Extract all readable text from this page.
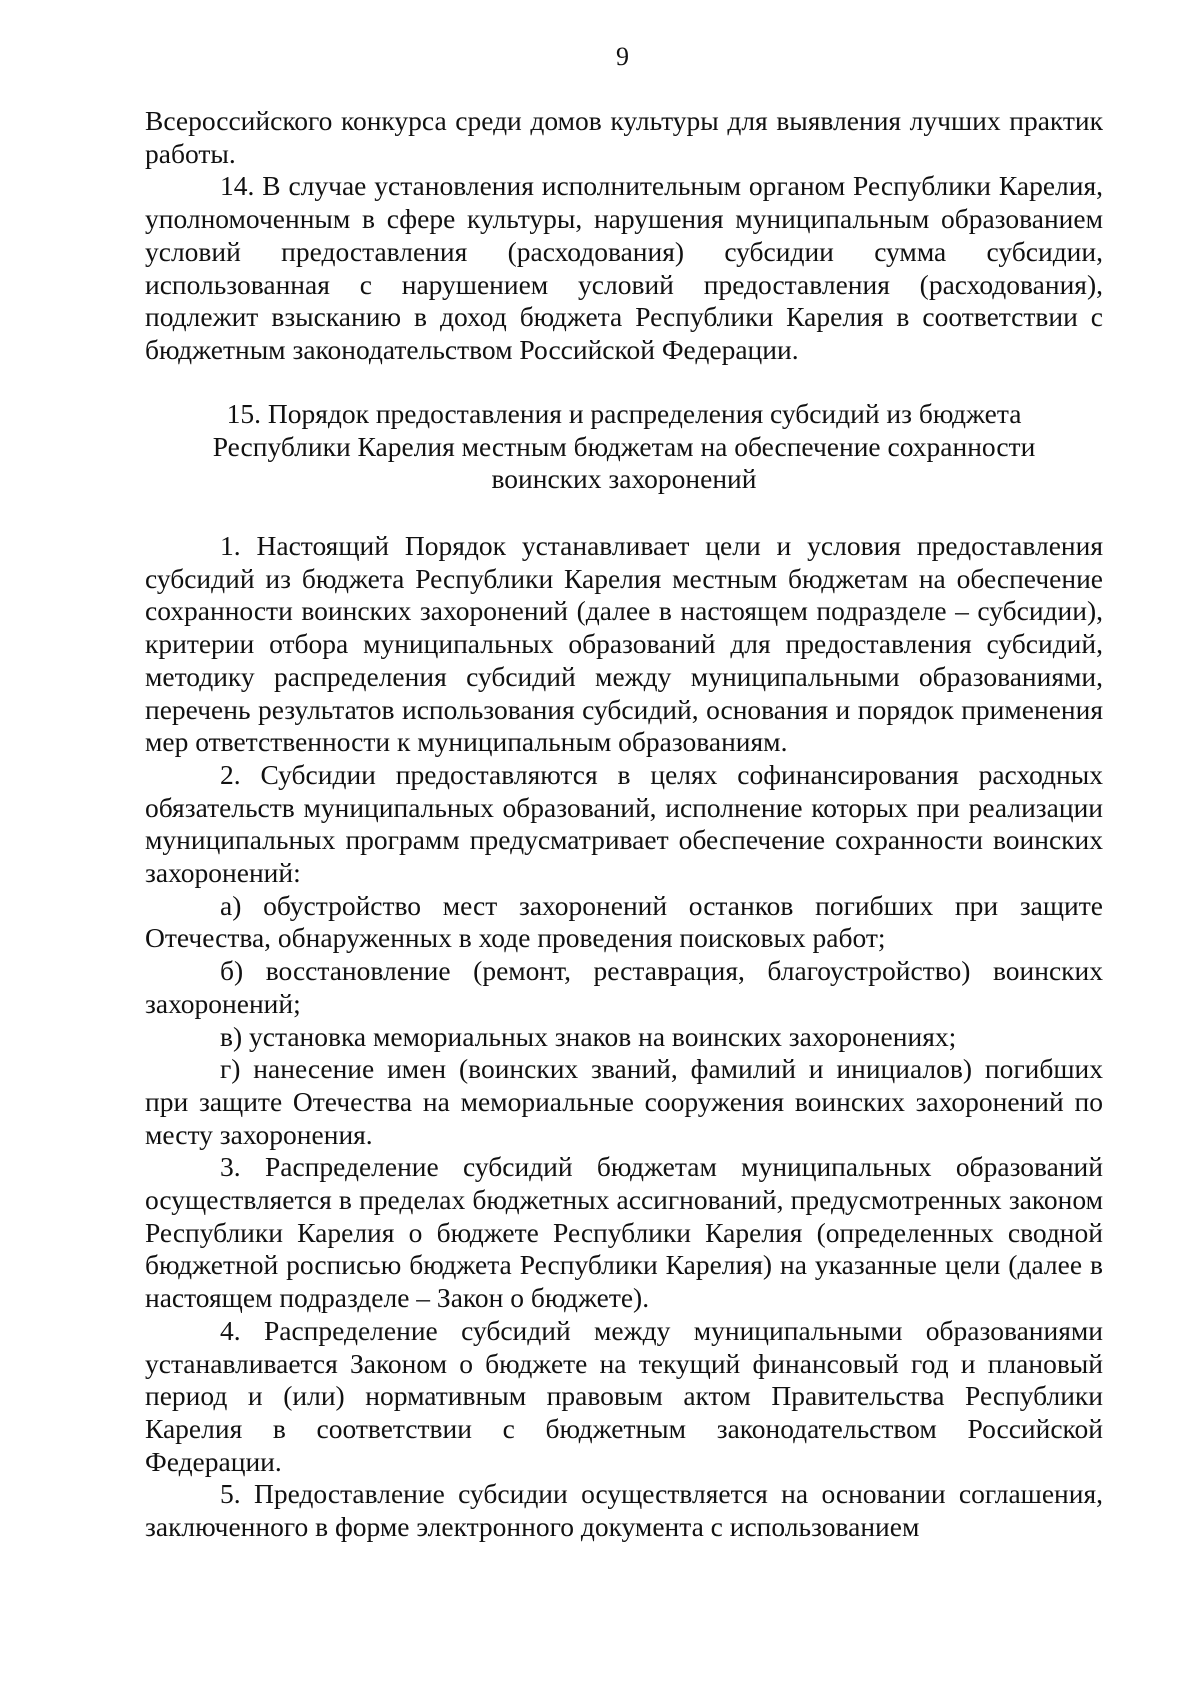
9

Всероссийского конкурса среди домов культуры для выявления лучших практик работы.

14. В случае установления исполнительным органом Республики Карелия, уполномоченным в сфере культуры, нарушения муниципальным образованием условий предоставления (расходования) субсидии сумма субсидии, использованная с нарушением условий предоставления (расходования), подлежит взысканию в доход бюджета Республики Карелия в соответствии с бюджетным законодательством Российской Федерации.

15. Порядок предоставления и распределения субсидий из бюджета
Республики Карелия местным бюджетам на обеспечение сохранности
воинских захоронений

1. Настоящий Порядок устанавливает цели и условия предоставления субсидий из бюджета Республики Карелия местным бюджетам на обеспечение сохранности воинских захоронений (далее в настоящем подразделе – субсидии), критерии отбора муниципальных образований для предоставления субсидий, методику распределения субсидий между муниципальными образованиями, перечень результатов использования субсидий, основания и порядок применения мер ответственности к муниципальным образованиям.

2. Субсидии предоставляются в целях софинансирования расходных обязательств муниципальных образований, исполнение которых при реализации муниципальных программ предусматривает обеспечение сохранности воинских захоронений:

а) обустройство мест захоронений останков погибших при защите Отечества, обнаруженных в ходе проведения поисковых работ;

б) восстановление (ремонт, реставрация, благоустройство) воинских захоронений;

в) установка мемориальных знаков на воинских захоронениях;

г) нанесение имен (воинских званий, фамилий и инициалов) погибших при защите Отечества на мемориальные сооружения воинских захоронений по месту захоронения.

3. Распределение субсидий бюджетам муниципальных образований осуществляется в пределах бюджетных ассигнований, предусмотренных законом Республики Карелия о бюджете Республики Карелия (определенных сводной бюджетной росписью бюджета Республики Карелия) на указанные цели (далее в настоящем подразделе – Закон о бюджете).

4. Распределение субсидий между муниципальными образованиями устанавливается Законом о бюджете на текущий финансовый год и плановый период и (или) нормативным правовым актом Правительства Республики Карелия в соответствии с бюджетным законодательством Российской Федерации.

5. Предоставление субсидии осуществляется на основании соглашения, заключенного в форме электронного документа с использованием
